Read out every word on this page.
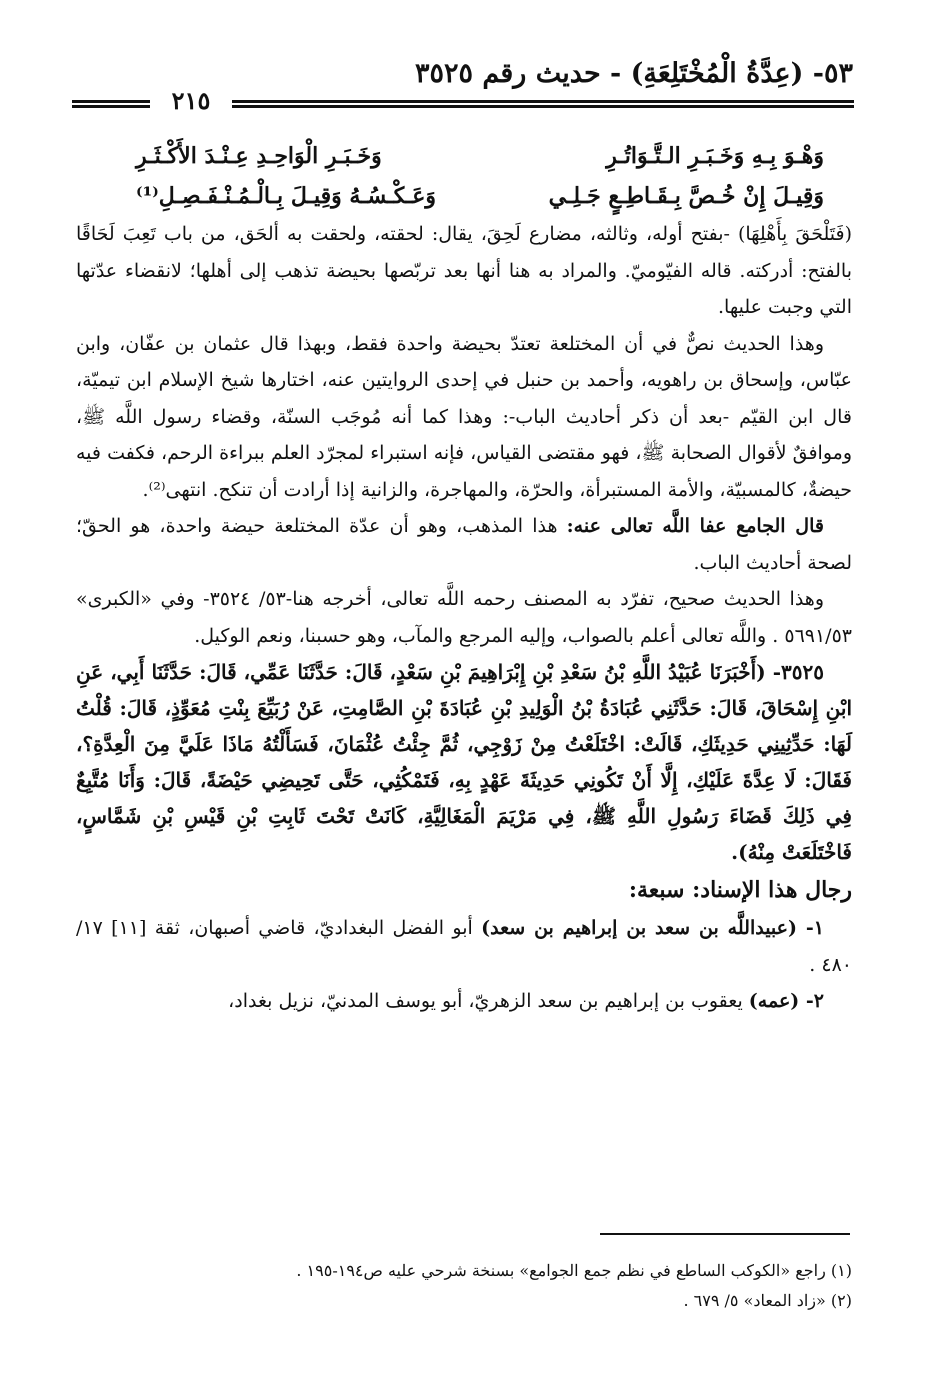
٥٣- (عِدَّةُ الْمُخْتَلِعَةِ) - حديث رقم ٣٥٢٥
٢١٥
وَهْـوَ بِـهِ وَخَـبَـرِ الـتَّـوَاتُـرِ
وَخَـبَـرِ الْوَاحِـدِ عِـنْـدَ الأَكْـثَـرِ
وَقِيـلَ إِنْ خُـصَّ بِـقَـاطِـعٍ جَـلِـي
وَعَـكْـسُـهُ وَقِيـلَ بِـالْـمُـنْـفَـصِـلِ⁽¹⁾

(فَتَلْحَقَ بِأَهْلِهَا) -بفتح أوله، وثالثه، مضارع لَحِقَ، يقال: لحقته، ولحقت به ألحَق، من باب تَعِبَ لَحَاقًا بالفتح: أدركته. قاله الفيّوميّ. والمراد به هنا أنها بعد تربّصها بحيضة تذهب إلى أهلها؛ لانقضاء عدّتها التي وجبت عليها.

وهذا الحديث نصٌّ في أن المختلعة تعتدّ بحيضة واحدة فقط، وبهذا قال عثمان بن عفّان، وابن عبّاس، وإسحاق بن راهويه، وأحمد بن حنبل في إحدى الروايتين عنه، اختارها شيخ الإسلام ابن تيميّة، قال ابن القيّم -بعد أن ذكر أحاديث الباب-: وهذا كما أنه مُوجَب السنّة، وقضاء رسول اللَّه ﷺ، وموافقٌ لأقوال الصحابة ﷺ، فهو مقتضى القياس، فإنه استبراء لمجرّد العلم ببراءة الرحم، فكفت فيه حيضةٌ، كالمسبيّة، والأمة المستبرأة، والحرّة، والمهاجرة، والزانية إذا أرادت أن تنكح. انتهى⁽²⁾.

قال الجامع عفا اللَّه تعالى عنه: هذا المذهب، وهو أن عدّة المختلعة حيضة واحدة، هو الحقّ؛ لصحة أحاديث الباب.

وهذا الحديث صحيح، تفرّد به المصنف رحمه اللَّه تعالى، أخرجه هنا-٥٣/ ٣٥٢٤- وفي «الكبرى» ٥٦٩١/٥٣ . واللَّه تعالى أعلم بالصواب، وإليه المرجع والمآب، وهو حسبنا، ونعم الوكيل.

٣٥٢٥- (أَخْبَرَنَا عُبَيْدُ اللَّهِ بْنُ سَعْدِ بْنِ إِبْرَاهِيمَ بْنِ سَعْدٍ، قَالَ: حَدَّثَنَا عَمِّي، قَالَ: حَدَّثَنَا أَبِي، عَنِ ابْنِ إِسْحَاقَ، قَالَ: حَدَّثَنِي عُبَادَةُ بْنُ الْوَلِيدِ بْنِ عُبَادَةَ بْنِ الصَّامِتِ، عَنْ رُبَيِّعَ بِنْتِ مُعَوِّذٍ، قَالَ: قُلْتُ لَهَا: حَدِّثِينِي حَدِيثَكِ، قَالَتْ: اخْتَلَعْتُ مِنْ زَوْجِي، ثُمَّ جِئْتُ عُثْمَانَ، فَسَأَلْتُهُ مَاذَا عَلَيَّ مِنَ الْعِدَّةِ؟، فَقَالَ: لَا عِدَّةَ عَلَيْكِ، إِلَّا أَنْ تَكُونِي حَدِيثَةَ عَهْدٍ بِهِ، فَتَمْكُثِي، حَتَّى تَحِيضِي حَيْضَةً، قَالَ: وَأَنَا مُتَّبِعٌ فِي ذَلِكَ قَضَاءَ رَسُولِ اللَّهِ ﷺ، فِي مَرْيَمَ الْمَغَالِيَّةِ، كَانَتْ تَحْتَ ثَابِتِ بْنِ قَيْسِ بْنِ شَمَّاسٍ، فَاخْتَلَعَتْ مِنْهُ).

رجال هذا الإسناد: سبعة:

١- (عبيداللَّه بن سعد بن إبراهيم بن سعد) أبو الفضل البغداديّ، قاضي أصبهان، ثقة [١١] ١٧/ ٤٨٠ .

٢- (عمه) يعقوب بن إبراهيم بن سعد الزهريّ، أبو يوسف المدنيّ، نزيل بغداد،

(١) راجع «الكوكب الساطع في نظم جمع الجوامع» بسنخة شرحي عليه ص١٩٤-١٩٥ .

(٢) «زاد المعاد» ٥/ ٦٧٩ .
